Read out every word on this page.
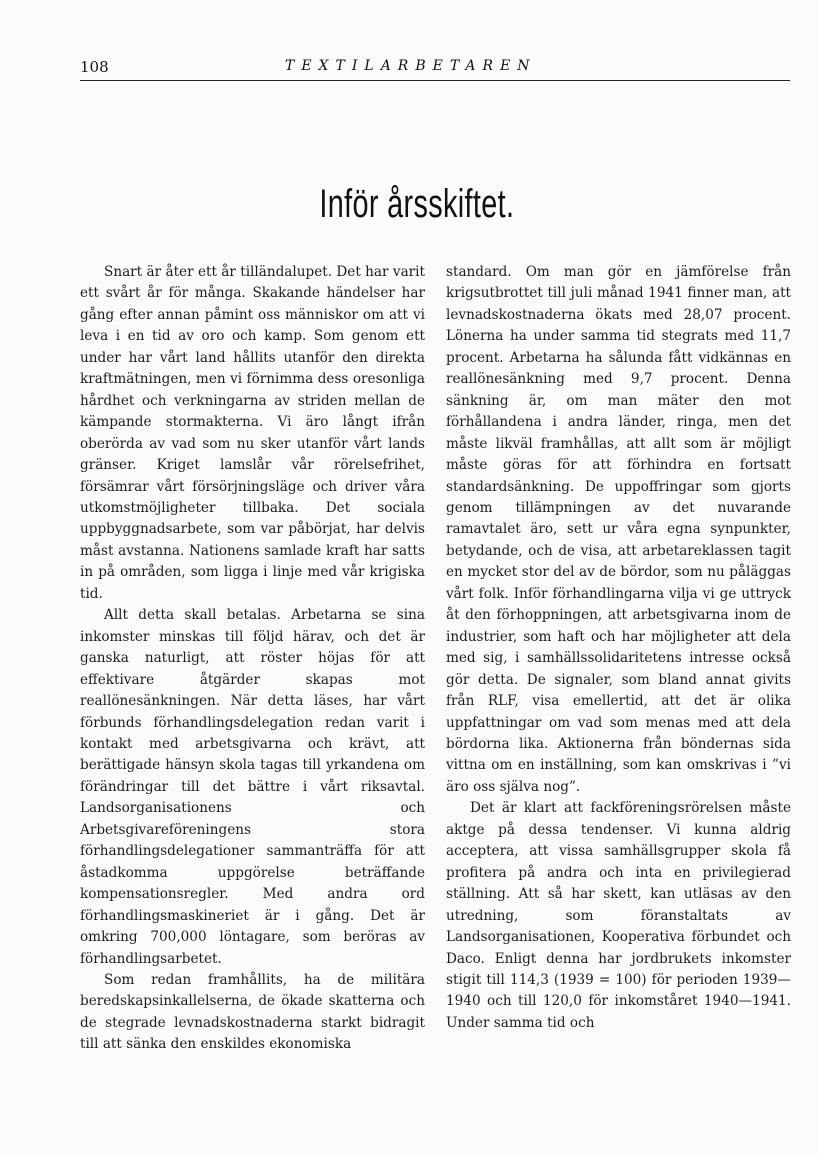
108	TEXTILARBETAREN
Inför årsskiftet.

Snart är åter ett år tilländalupet. Det har varit ett svårt år för många. Skakande händelser har gång efter annan påmint oss människor om att vi leva i en tid av oro och kamp. Som genom ett under har vårt land hållits utanför den direkta kraftmätningen, men vi förnimma dess oresonliga hårdhet och verkningarna av striden mellan de kämpande stormakterna. Vi äro långt ifrån oberörda av vad som nu sker utanför vårt lands gränser. Kriget lamslår vår rörelsefrihet, försämrar vårt försörjningsläge och driver våra utkomstmöjligheter tillbaka. Det sociala uppbyggnadsarbete, som var påbörjat, har delvis måst avstanna. Nationens samlade kraft har satts in på områden, som ligga i linje med vår krigiska tid.

Allt detta skall betalas. Arbetarna se sina inkomster minskas till följd härav, och det är ganska naturligt, att röster höjas för att effektivare åtgärder skapas mot reallönesänkningen. När detta läses, har vårt förbunds förhandlingsdelegation redan varit i kontakt med arbetsgivarna och krävt, att berättigade hänsyn skola tagas till yrkandena om förändringar till det bättre i vårt riksavtal. Landsorganisationens och Arbetsgivareföreningens stora förhandlingsdelegationer sammanträffa för att åstadkomma uppgörelse beträffande kompensationsregler. Med andra ord förhandlingsmaskineriet är i gång. Det är omkring 700,000 löntagare, som beröras av förhandlingsarbetet.

Som redan framhållits, ha de militära beredskapsinkallelserna, de ökade skatterna och de stegrade levnadskostnaderna starkt bidragit till att sänka den enskildes ekonomiska

standard. Om man gör en jämförelse från krigsutbrottet till juli månad 1941 finner man, att levnadskostnaderna ökats med 28,07 procent. Lönerna ha under samma tid stegrats med 11,7 procent. Arbetarna ha sålunda fått vidkännas en reallönesänkning med 9,7 procent. Denna sänkning är, om man mäter den mot förhållandena i andra länder, ringa, men det måste likväl framhållas, att allt som är möjligt måste göras för att förhindra en fortsatt standardsänkning. De uppoffringar som gjorts genom tillämpningen av det nuvarande ramavtalet äro, sett ur våra egna synpunkter, betydande, och de visa, att arbetareklassen tagit en mycket stor del av de bördor, som nu påläggas vårt folk. Inför förhandlingarna vilja vi ge uttryck åt den förhoppningen, att arbetsgivarna inom de industrier, som haft och har möjligheter att dela med sig, i samhällssolidaritetens intresse också gör detta. De signaler, som bland annat givits från RLF, visa emellertid, att det är olika uppfattningar om vad som menas med att dela bördorna lika. Aktionerna från böndernas sida vittna om en inställning, som kan omskrivas i ”vi äro oss själva nog”.

Det är klart att fackföreningsrörelsen måste aktge på dessa tendenser. Vi kunna aldrig acceptera, att vissa samhällsgrupper skola få profitera på andra och inta en privilegierad ställning. Att så har skett, kan utläsas av den utredning, som föranstaltats av Landsorganisationen, Kooperativa förbundet och Daco. Enligt denna har jordbrukets inkomster stigit till 114,3 (1939 = 100) för perioden 1939—1940 och till 120,0 för inkomståret 1940—1941. Under samma tid och
